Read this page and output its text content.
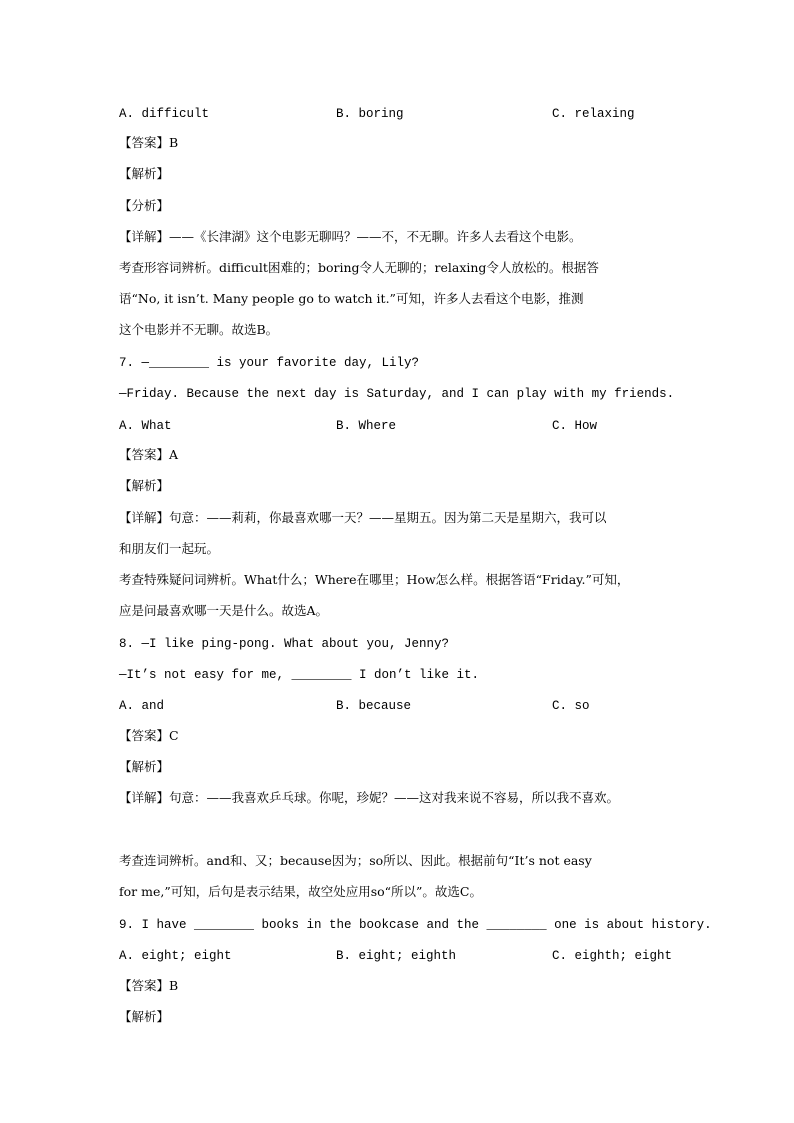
A. difficult	B. boring	C. relaxing
【答案】B
【解析】
【分析】
【详解】——《长津湖》这个电影无聊吗？——不，不无聊。许多人去看这个电影。
考查形容词辨析。difficult困难的；boring令人无聊的；relaxing令人放松的。根据答
语“No, it isn’t. Many people go to watch it.”可知，许多人去看这个电影，推测
这个电影并不无聊。故选B。
7. —________ is your favorite day, Lily?
—Friday. Because the next day is Saturday, and I can play with my friends.
A. What	B. Where	C. How
【答案】A
【解析】
【详解】句意：——莉莉，你最喜欢哪一天？——星期五。因为第二天是星期六，我可以
和朋友们一起玩。
考查特殊疑问词辨析。What什么；Where在哪里；How怎么样。根据答语“Friday.”可知，
应是问最喜欢哪一天是什么。故选A。
8. —I like ping-pong. What about you, Jenny?
—It’s not easy for me, ________ I don’t like it.
A. and	B. because	C. so
【答案】C
【解析】
【详解】句意：——我喜欢乒乓球。你呢，珍妮？——这对我来说不容易，所以我不喜欢。
考查连词辨析。and和、又；because因为；so所以、因此。根据前句“It’s not easy
for me,”可知，后句是表示结果，故空处应用so“所以”。故选C。
9. I have ________ books in the bookcase and the ________ one is about history.
A. eight; eight	B. eight; eighth	C. eighth; eight
【答案】B
【解析】
